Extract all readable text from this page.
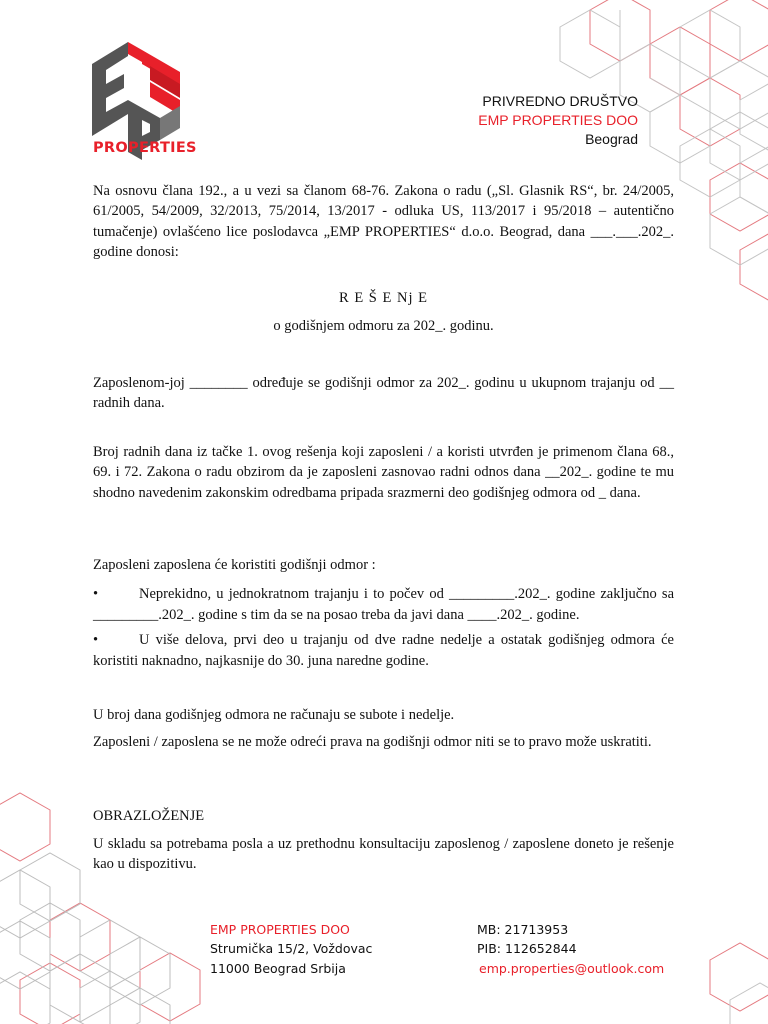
PROPERTIES
PRIVREDNO DRUŠTVO
EMP PROPERTIES DOO
Beograd
Na osnovu člana 192., a u vezi sa članom 68-76. Zakona o radu („Sl. Glasnik RS“, br. 24/2005, 61/2005, 54/2009, 32/2013, 75/2014, 13/2017 - odluka US, 113/2017 i 95/2018 – autentično tumačenje) ovlašćeno lice poslodavca „EMP PROPERTIES“ d.o.o. Beograd, dana ___.___.202_. godine donosi:
R E Š E Nj E
o godišnjem odmoru za 202_. godinu.
Zaposlenom-joj ________ određuje se godišnji odmor za 202_. godinu u ukupnom trajanju od __ radnih dana.
Broj radnih dana iz tačke 1. ovog rešenja koji zaposleni / a koristi utvrđen je primenom člana 68., 69. i 72. Zakona o radu obzirom da je zaposleni zasnovao radni odnos dana __202_. godine te mu shodno navedenim zakonskim odredbama pripada srazmerni deo godišnjeg odmora od _ dana.
Zaposleni zaposlena će koristiti godišnji odmor :
•	Neprekidno, u jednokratnom trajanju i to počev od _________.202_. godine zaključno sa _________.202_. godine s tim da se na posao treba da javi dana ____.202_. godine.
•	U više delova, prvi deo u trajanju od dve radne nedelje a ostatak godišnjeg odmora će koristiti naknadno, najkasnije do 30. juna naredne godine.
U broj dana godišnjeg odmora ne računaju se subote i nedelje.
Zaposleni / zaposlena se ne može odreći prava na godišnji odmor niti se to pravo može uskratiti.
OBRAZLOŽENJE
U skladu sa potrebama posla a uz prethodnu konsultaciju zaposlenog / zaposlene doneto je rešenje kao u dispozitivu.
EMP PROPERTIES DOO
Strumička 15/2, Voždovac
11000 Beograd Srbija
MB: 21713953
PIB: 112652844
emp.properties@outlook.com
